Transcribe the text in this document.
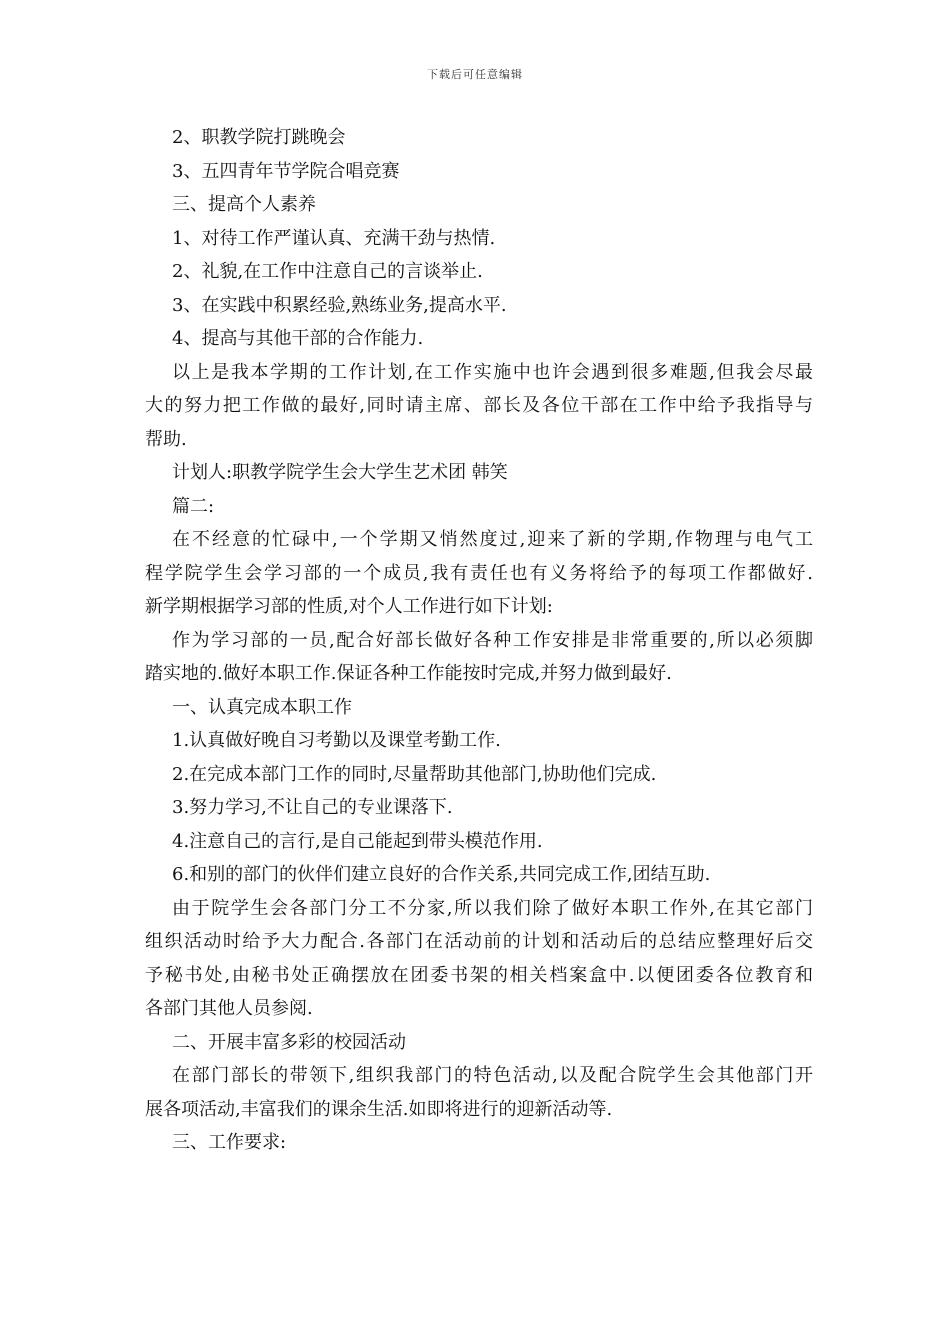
下载后可任意编辑
2、职教学院打跳晚会
3、五四青年节学院合唱竞赛
三、提高个人素养
1、对待工作严谨认真、充满干劲与热情.
2、礼貌,在工作中注意自己的言谈举止.
3、在实践中积累经验,熟练业务,提高水平.
4、提高与其他干部的合作能力.
以上是我本学期的工作计划,在工作实施中也许会遇到很多难题,但我会尽最
大的努力把工作做的最好,同时请主席、部长及各位干部在工作中给予我指导与
帮助.
计划人:职教学院学生会大学生艺术团 韩笑
篇二:
在不经意的忙碌中,一个学期又悄然度过,迎来了新的学期,作物理与电气工
程学院学生会学习部的一个成员,我有责任也有义务将给予的每项工作都做好.
新学期根据学习部的性质,对个人工作进行如下计划:
作为学习部的一员,配合好部长做好各种工作安排是非常重要的,所以必须脚
踏实地的.做好本职工作.保证各种工作能按时完成,并努力做到最好.
一、认真完成本职工作
1.认真做好晚自习考勤以及课堂考勤工作.
2.在完成本部门工作的同时,尽量帮助其他部门,协助他们完成.
3.努力学习,不让自己的专业课落下.
4.注意自己的言行,是自己能起到带头模范作用.
6.和别的部门的伙伴们建立良好的合作关系,共同完成工作,团结互助.
由于院学生会各部门分工不分家,所以我们除了做好本职工作外,在其它部门
组织活动时给予大力配合.各部门在活动前的计划和活动后的总结应整理好后交
予秘书处,由秘书处正确摆放在团委书架的相关档案盒中.以便团委各位教育和
各部门其他人员参阅.
二、开展丰富多彩的校园活动
在部门部长的带领下,组织我部门的特色活动,以及配合院学生会其他部门开
展各项活动,丰富我们的课余生活.如即将进行的迎新活动等.
三、工作要求:
